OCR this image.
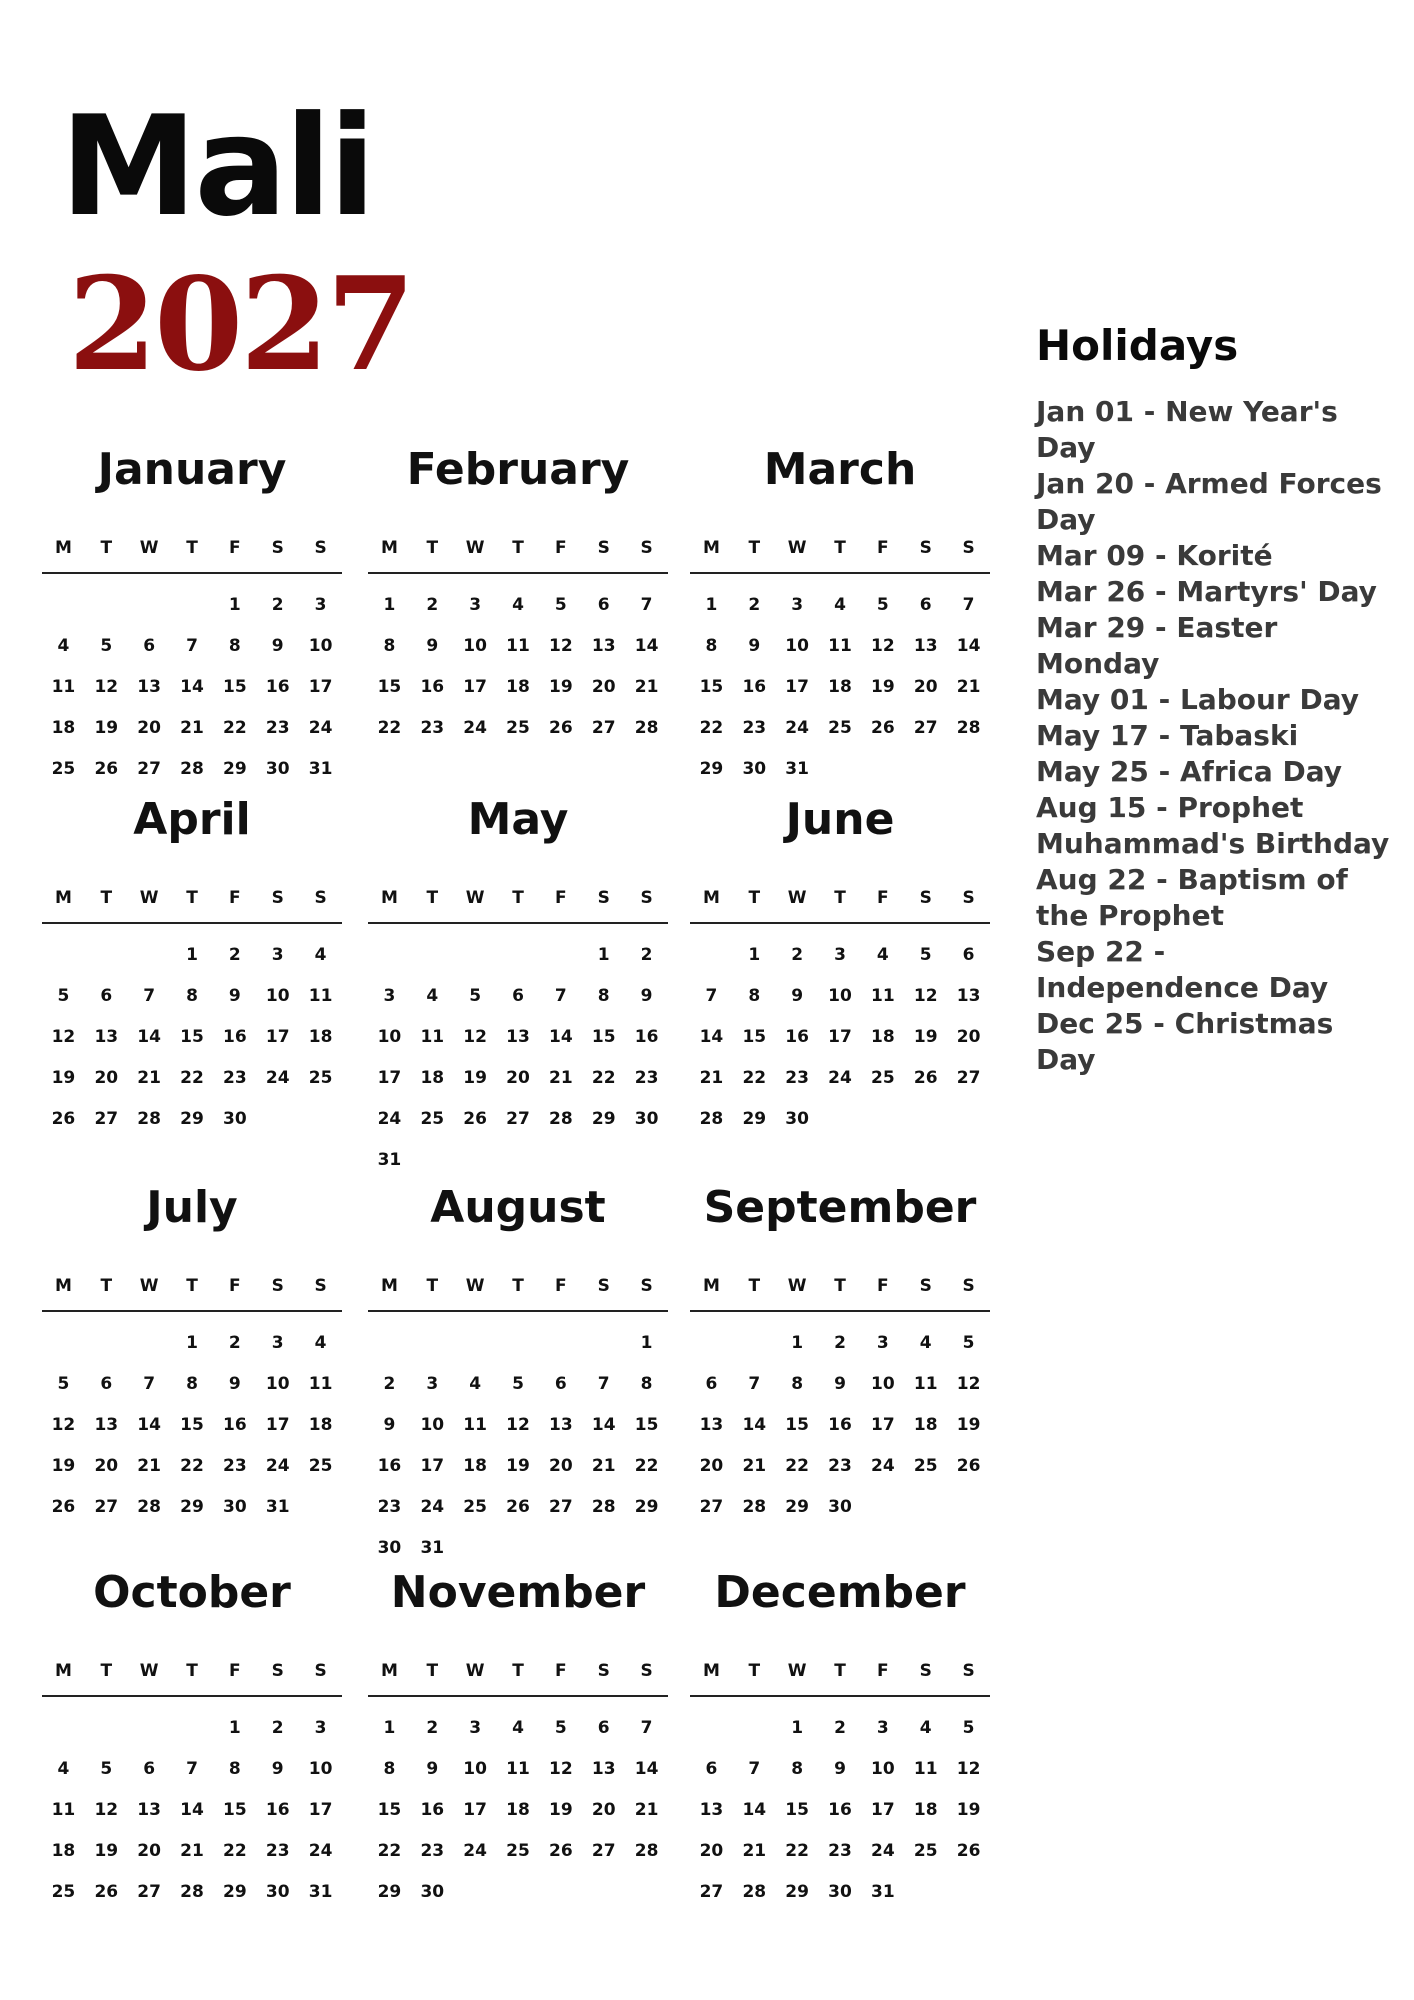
Mali
2027
January
M T W T F S S
1 2 3
4 5 6 7 8 9 10
11 12 13 14 15 16 17
18 19 20 21 22 23 24
25 26 27 28 29 30 31
February
M T W T F S S
1 2 3 4 5 6 7
8 9 10 11 12 13 14
15 16 17 18 19 20 21
22 23 24 25 26 27 28
March
M T W T F S S
1 2 3 4 5 6 7
8 9 10 11 12 13 14
15 16 17 18 19 20 21
22 23 24 25 26 27 28
29 30 31
April
M T W T F S S
1 2 3 4
5 6 7 8 9 10 11
12 13 14 15 16 17 18
19 20 21 22 23 24 25
26 27 28 29 30
May
M T W T F S S
1 2
3 4 5 6 7 8 9
10 11 12 13 14 15 16
17 18 19 20 21 22 23
24 25 26 27 28 29 30
31
June
M T W T F S S
1 2 3 4 5 6
7 8 9 10 11 12 13
14 15 16 17 18 19 20
21 22 23 24 25 26 27
28 29 30
July
M T W T F S S
1 2 3 4
5 6 7 8 9 10 11
12 13 14 15 16 17 18
19 20 21 22 23 24 25
26 27 28 29 30 31
August
M T W T F S S
1
2 3 4 5 6 7 8
9 10 11 12 13 14 15
16 17 18 19 20 21 22
23 24 25 26 27 28 29
30 31
September
M T W T F S S
1 2 3 4 5
6 7 8 9 10 11 12
13 14 15 16 17 18 19
20 21 22 23 24 25 26
27 28 29 30
October
M T W T F S S
1 2 3
4 5 6 7 8 9 10
11 12 13 14 15 16 17
18 19 20 21 22 23 24
25 26 27 28 29 30 31
November
M T W T F S S
1 2 3 4 5 6 7
8 9 10 11 12 13 14
15 16 17 18 19 20 21
22 23 24 25 26 27 28
29 30
December
M T W T F S S
1 2 3 4 5
6 7 8 9 10 11 12
13 14 15 16 17 18 19
20 21 22 23 24 25 26
27 28 29 30 31
Holidays
Jan 01 - New Year's Day
Jan 20 - Armed Forces Day
Mar 09 - Korité
Mar 26 - Martyrs' Day
Mar 29 - Easter Monday
May 01 - Labour Day
May 17 - Tabaski
May 25 - Africa Day
Aug 15 - Prophet Muhammad's Birthday
Aug 22 - Baptism of the Prophet
Sep 22 - Independence Day
Dec 25 - Christmas Day
